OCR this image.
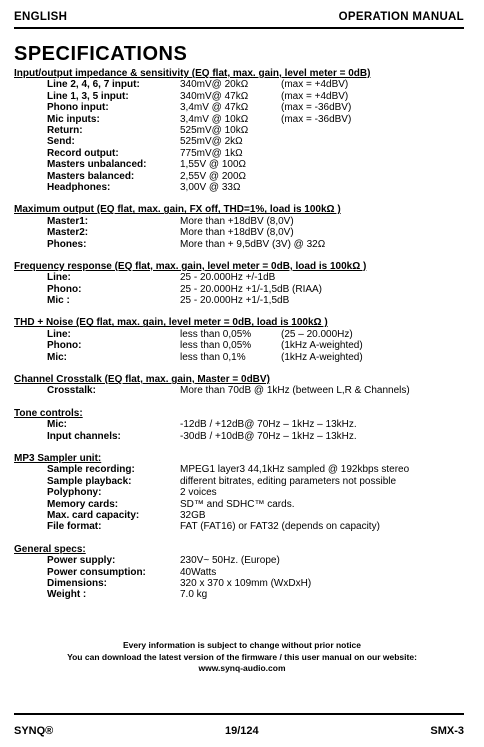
ENGLISH	OPERATION MANUAL
SPECIFICATIONS
Input/output impedance & sensitivity (EQ flat, max. gain, level meter = 0dB)
Line 2, 4, 6, 7 input:	340mV@ 20kΩ	(max = +4dBV)
Line 1, 3, 5 input:	340mV@ 47kΩ	(max = +4dBV)
Phono input:	3,4mV @ 47kΩ	(max = -36dBV)
Mic inputs:	3,4mV @ 10kΩ	(max = -36dBV)
Return:	525mV@ 10kΩ
Send:	525mV@ 2kΩ
Record output:	775mV@ 1kΩ
Masters unbalanced:	1,55V @ 100Ω
Masters balanced:	2,55V @ 200Ω
Headphones:	3,00V @ 33Ω
Maximum output (EQ flat, max. gain, FX off, THD=1%, load is 100kΩ )
Master1:	More than +18dBV (8,0V)
Master2:	More than +18dBV (8,0V)
Phones:	More than + 9,5dBV (3V) @ 32Ω
Frequency response (EQ flat, max. gain, level meter = 0dB, load is 100kΩ )
Line:	25 - 20.000Hz +/-1dB
Phono:	25 - 20.000Hz +1/-1,5dB (RIAA)
Mic :	25 - 20.000Hz +1/-1,5dB
THD + Noise (EQ flat, max. gain, level meter = 0dB, load is 100kΩ )
Line:	less than 0,05%	(25 – 20.000Hz)
Phono:	less than 0,05%	(1kHz A-weighted)
Mic:	less than 0,1%	(1kHz A-weighted)
Channel Crosstalk (EQ flat, max. gain, Master = 0dBV)
Crosstalk:	More than 70dB @ 1kHz (between L,R & Channels)
Tone controls:
Mic:	-12dB / +12dB@ 70Hz – 1kHz – 13kHz.
Input channels:	-30dB / +10dB@ 70Hz – 1kHz – 13kHz.
MP3 Sampler unit:
Sample recording:	MPEG1 layer3 44,1kHz sampled @ 192kbps stereo
Sample playback:	different bitrates, editing parameters not possible
Polyphony:	2 voices
Memory cards:	SD™ and SDHC™ cards.
Max. card capacity:	32GB
File format:	FAT (FAT16) or FAT32 (depends on capacity)
General specs:
Power supply:	230V~ 50Hz. (Europe)
Power consumption:	40Watts
Dimensions:	320 x 370 x 109mm (WxDxH)
Weight :	7.0 kg
Every information is subject to change without prior notice
You can download the latest version of the firmware / this user manual on our website:
www.synq-audio.com
SYNQ®	19/124	SMX-3
